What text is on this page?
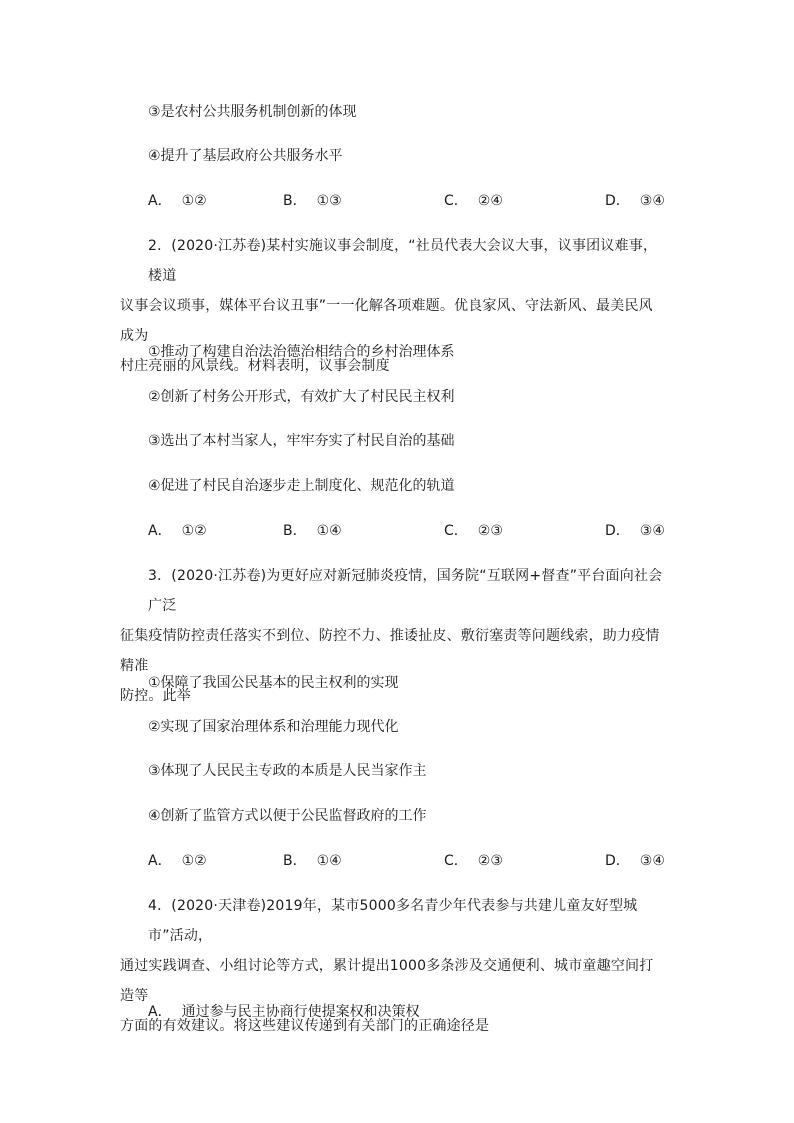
③是农村公共服务机制创新的体现
④提升了基层政府公共服务水平
A． ①②	B． ①③	C． ②④	D． ③④
2．(2020·江苏卷)某村实施议事会制度，“社员代表大会议大事，议事团议难事，楼道
议事会议琐事，媒体平台议丑事”一一化解各项难题。优良家风、守法新风、最美民风成为
村庄亮丽的风景线。材料表明，议事会制度
①推动了构建自治法治德治相结合的乡村治理体系
②创新了村务公开形式，有效扩大了村民民主权利
③选出了本村当家人，牢牢夯实了村民自治的基础
④促进了村民自治逐步走上制度化、规范化的轨道
A． ①②	B． ①④	C． ②③	D． ③④
3．(2020·江苏卷)为更好应对新冠肺炎疫情，国务院“互联网+督查”平台面向社会广泛
征集疫情防控责任落实不到位、防控不力、推诿扯皮、敷衍塞责等问题线索，助力疫情精准
防控。此举
①保障了我国公民基本的民主权利的实现
②实现了国家治理体系和治理能力现代化
③体现了人民民主专政的本质是人民当家作主
④创新了监管方式以便于公民监督政府的工作
A． ①②	B． ①④	C． ②③	D． ③④
4．(2020·天津卷)2019年，某市5000多名青少年代表参与共建儿童友好型城市”活动，
通过实践调查、小组讨论等方式，累计提出1000多条涉及交通便利、城市童趣空间打造等
方面的有效建议。将这些建议传递到有关部门的正确途径是
A． 通过参与民主协商行使提案权和决策权
